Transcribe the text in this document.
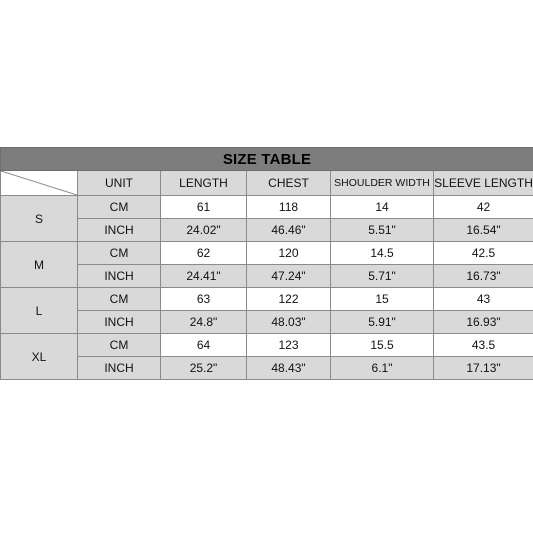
SIZE TABLE					

	UNIT	LENGTH	CHEST	SHOULDER WIDTH	SLEEVE LENGTH
S	CM	61	118	14	42
	INCH	24.02"	46.46"	5.51"	16.54"
M	CM	62	120	14.5	42.5
	INCH	24.41"	47.24"	5.71"	16.73"
L	CM	63	122	15	43
	INCH	24.8"	48.03"	5.91"	16.93"
XL	CM	64	123	15.5	43.5
	INCH	25.2"	48.43"	6.1"	17.13"
